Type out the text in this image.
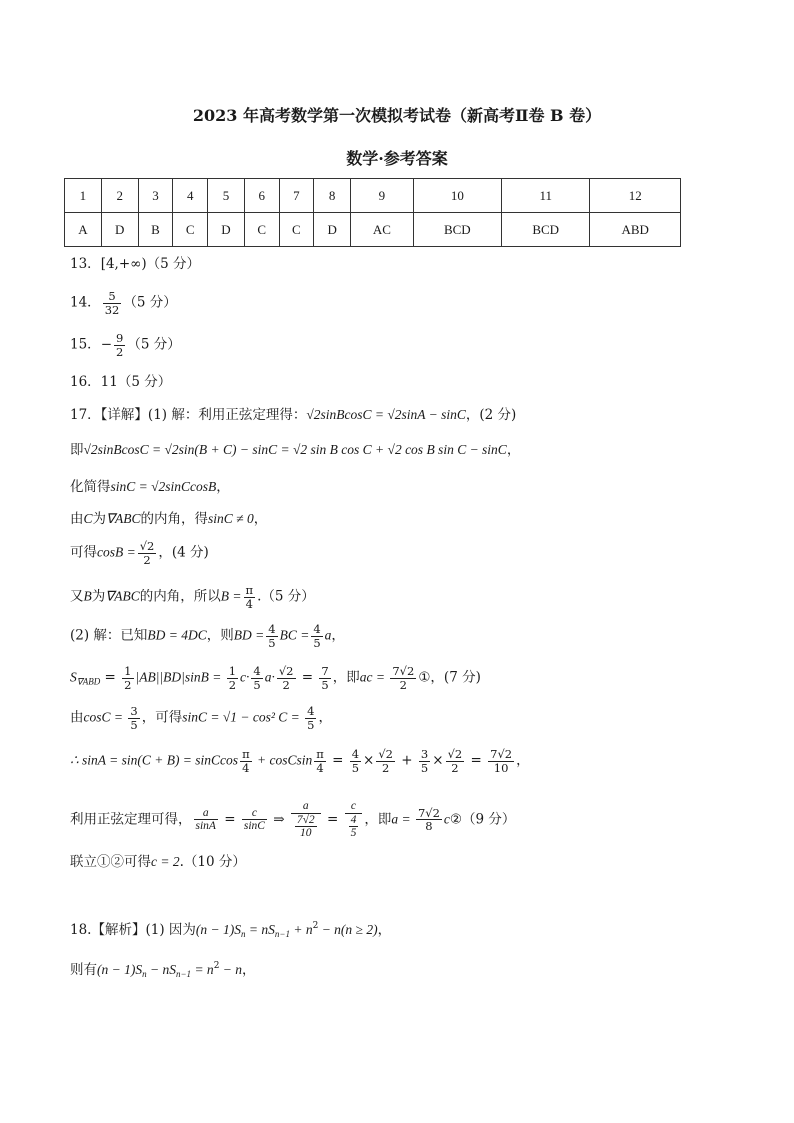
2023 年高考数学第一次模拟考试卷（新高考Ⅱ卷 B 卷）
数学·参考答案
1	2	3	4	5	6	7	8	9	10	11	12
A	D	B	C	D	C	C	D	AC	BCD	BCD	ABD
13．[4,+∞)（5 分）
14． $\frac{5}{32} (5$ 分）
15．− $\frac{9}{2} (5$ 分）
16．11（5 分）
17．【详解】(1) 解：利用正弦定理得：√2sinBcosC = √2sinA − sinC，(2 分)
即√2sinBcosC = √2sin(B + C) − sinC = √2 sin B cos C + √2 cos B sin C − sinC，
化简得sinC = √2sinCcosB，
由C为∇ABC的内角，得sinC ≠ 0，
可得$\cos B = \frac{√2}{2}$ ，(4 分)
又B为∇ABC的内角，所以$B = \frac{\pi}{4} .(5$ 分）
(2) 解：已知BD = 4DC，则BD = $\frac{4}{5}$ BC = $\frac{4}{5}$ a，
$S_{\nabla ABD} = \frac{1}{2} |AB||BD|\sin B = \frac{1}{2} c\cdot \frac{4}{5} a\cdot \frac{√2}{2} = \frac{7}{5}$ ，即ac = $\frac{7√2}{2}$ ①，(7 分)
由$\cos C = \frac{3}{5}$ ，可得sinC = √1 − cos² $C = \frac{4}{5}$ ，
∴ sinA = sin(C + B) = sinCcos $\frac{\pi}{4}$ + cosCsin $\frac{\pi}{4} = \frac{4}{5} \times \frac{√2}{2} + \frac{3}{5} \times \frac{√2}{2} = \frac{7√2}{10}$ ，
利用正弦定理可得， $\frac{a}{\sin A} = \frac{c}{\sin C}$ ⇒ $\frac{a}{\frac{7√2}{10}} = \frac{c}{\frac{4}{5}}$ ，即$a = \frac{7√2}{8}$ c②（9 分）
联立①②可得c = 2.（10 分）
18.【解析】(1) 因为$(n - 1)S_n = nS_{n-1} + n^2 - n(n \ge 2)$，
则有$(n - 1)S_n - nS_{n-1} = n^2 - n$，
